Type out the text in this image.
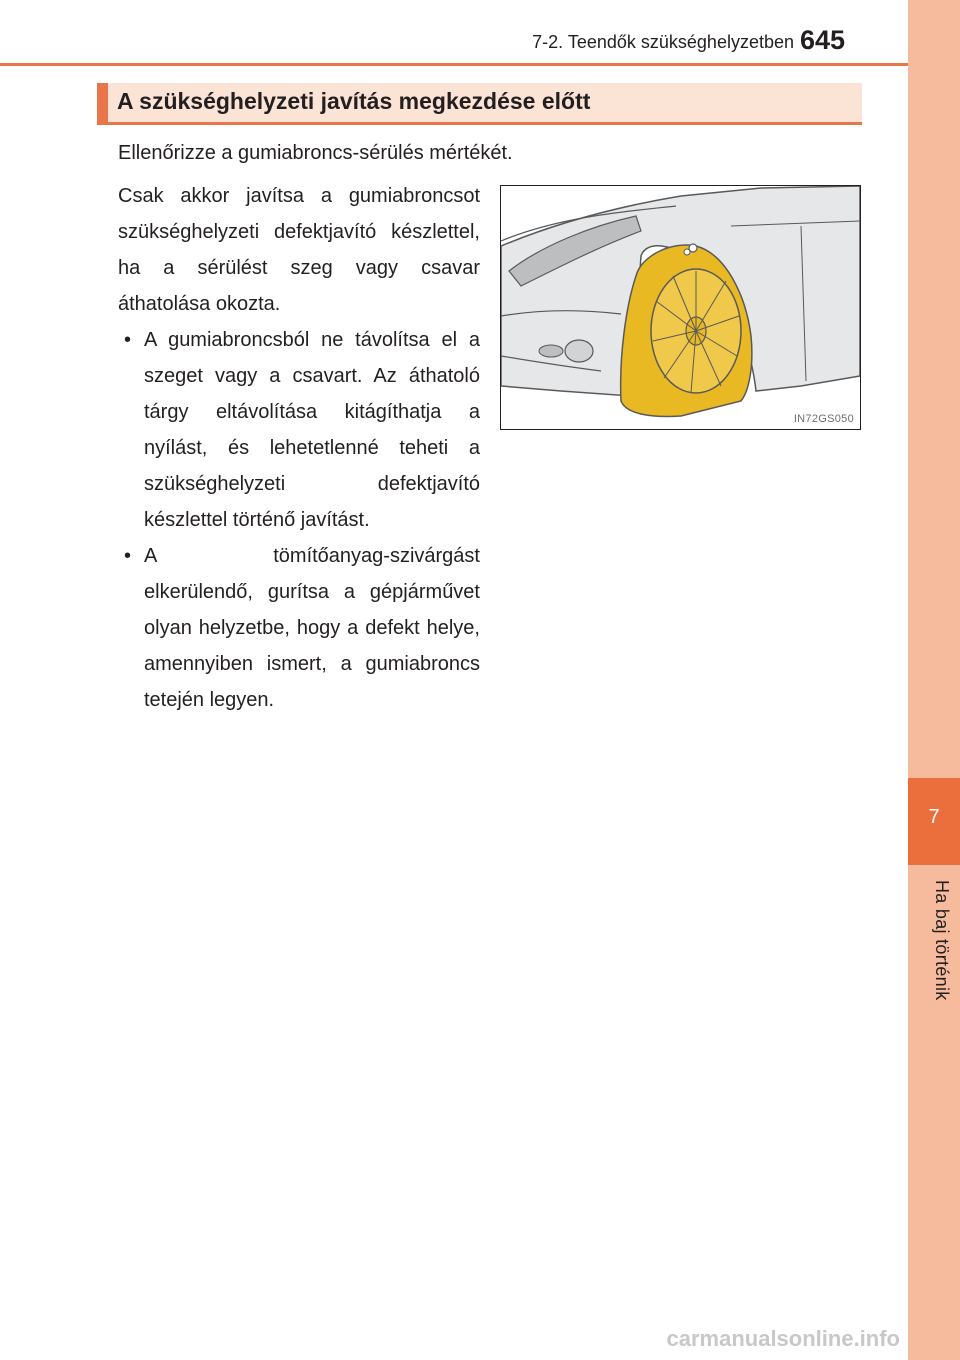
7-2. Teendők szükséghelyzetben 645
7
Ha baj történik
A szükséghelyzeti javítás megkezdése előtt
Ellenőrizze a gumiabroncs-sérülés mértékét.

Csak akkor javítsa a gumiabroncsot szükséghelyzeti defektjavító készlettel, ha a sérülést szeg vagy csavar áthatolása okozta.

• A gumiabroncsból ne távolítsa el a szeget vagy a csavart. Az áthatoló tárgy eltávolítása kitágíthatja a nyílást, és lehetetlenné teheti a szükséghelyzeti defektjavító készlettel történő javítást.
• A tömítőanyag-szivárgást elkerülendő, gurítsa a gépjárművet olyan helyzetbe, hogy a defekt helye, amennyiben ismert, a gumiabroncs tetején legyen.
IN72GS050
carmanualsonline.info
